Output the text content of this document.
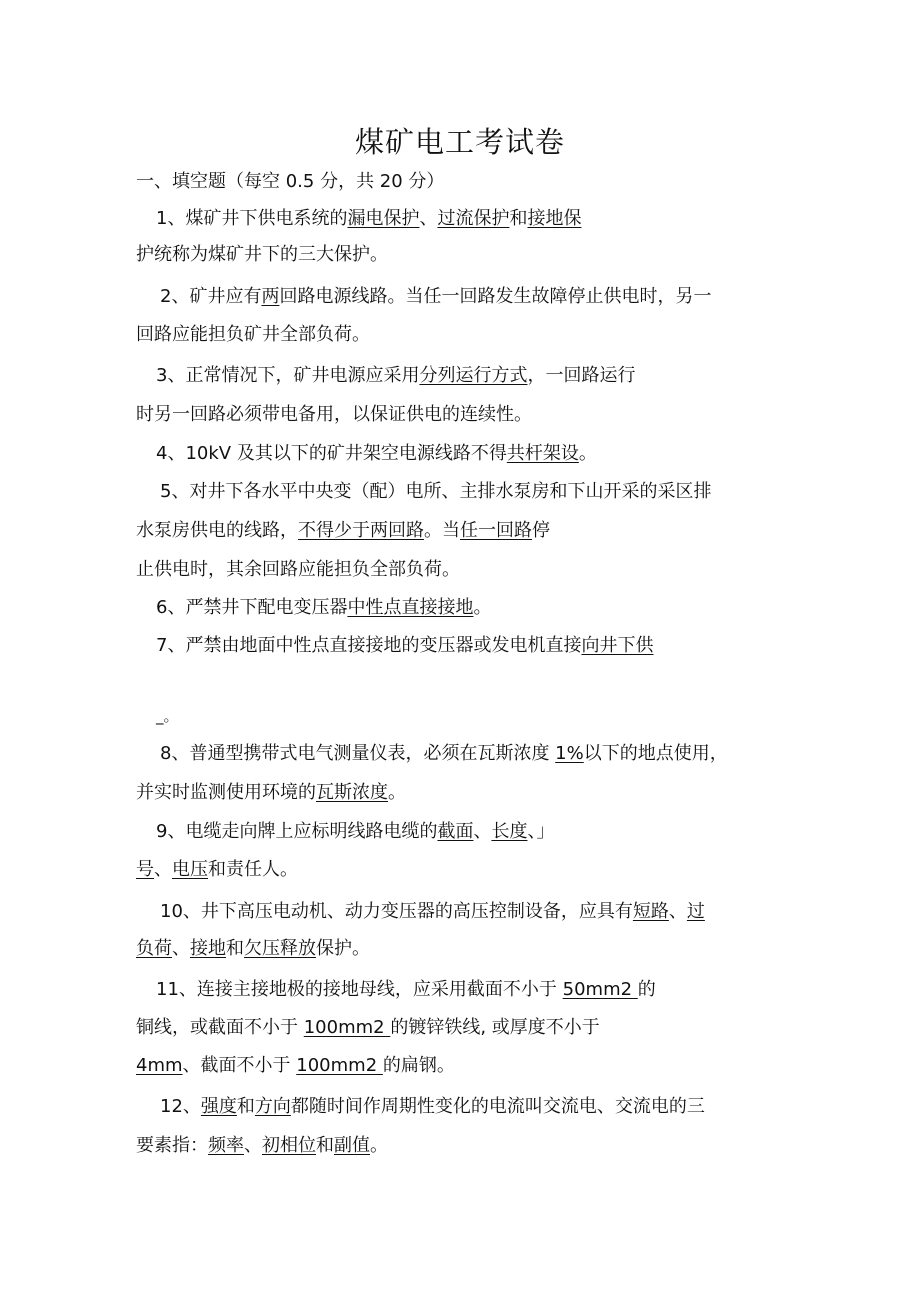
煤矿电工考试卷
一、填空题（每空 0.5 分，共 20 分）
1、煤矿井下供电系统的漏电保护、过流保护和接地保
护统称为煤矿井下的三大保护。
2、矿井应有两回路电源线路。当任一回路发生故障停止供电时，另一
回路应能担负矿井全部负荷。
3、正常情况下，矿井电源应采用分列运行方式，一回路运行
时另一回路必须带电备用，以保证供电的连续性。
4、10kV 及其以下的矿井架空电源线路不得共杆架设。
5、对井下各水平中央变（配）电所、主排水泵房和下山开采的采区排
水泵房供电的线路，不得少于两回路。当任一回路停
止供电时，其余回路应能担负全部负荷。
6、严禁井下配电变压器中性点直接接地。
7、严禁由地面中性点直接接地的变压器或发电机直接向井下供
_。
8、普通型携带式电气测量仪表，必须在瓦斯浓度 1%以下的地点使用，
并实时监测使用环境的瓦斯浓度。
9、电缆走向牌上应标明线路电缆的截面、长度、」
号、电压和责任人。
10、井下高压电动机、动力变压器的高压控制设备，应具有短路、过
负荷、接地和欠压释放保护。
11、连接主接地极的接地母线，应采用截面不小于 50mm2 的
铜线，或截面不小于 100mm2 的镀锌铁线, 或厚度不小于
4mm、截面不小于 100mm2 的扁钢。
12、强度和方向都随时间作周期性变化的电流叫交流电、交流电的三
要素指：频率、初相位和副值。
